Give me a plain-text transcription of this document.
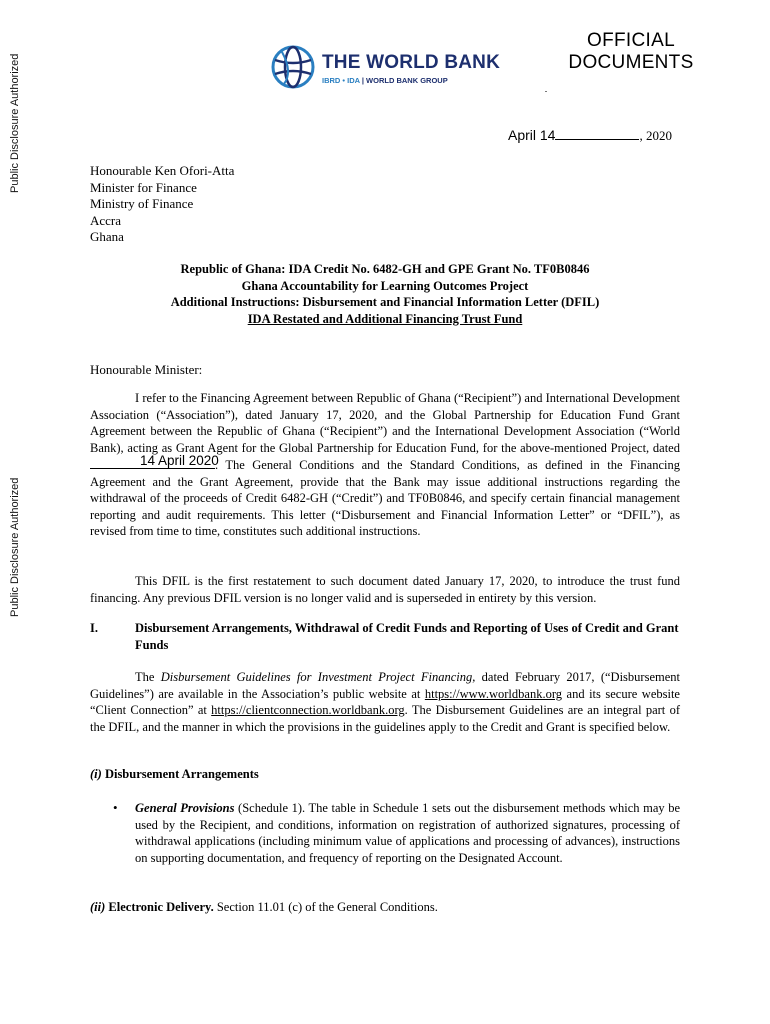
Public Disclosure Authorized
Public Disclosure Authorized
THE WORLD BANK
IBRD • IDA | WORLD BANK GROUP
OFFICIAL
DOCUMENTS
April 14	, 2020
Honourable Ken Ofori-Atta
Minister for Finance
Ministry of Finance
Accra
Ghana
Republic of Ghana: IDA Credit No. 6482-GH and GPE Grant No. TF0B0846
Ghana Accountability for Learning Outcomes Project
Additional Instructions: Disbursement and Financial Information Letter (DFIL)
IDA Restated and Additional Financing Trust Fund
Honourable Minister:
I refer to the Financing Agreement between Republic of Ghana (“Recipient”) and International Development Association (“Association”), dated January 17, 2020, and the Global Partnership for Education Fund Grant Agreement between the Republic of Ghana (“Recipient”) and the International Development Association (“World Bank), acting as Grant Agent for the Global Partnership for Education Fund, for the above-mentioned Project, dated
14 April 2020
. The General Conditions and the Standard Conditions, as defined in the Financing Agreement and the Grant Agreement, provide that the Bank may issue additional instructions regarding the withdrawal of the proceeds of Credit 6482-GH (“Credit”) and TF0B0846, and specify certain financial management reporting and audit requirements. This letter (“Disbursement and Financial Information Letter” or “DFIL”), as revised from time to time, constitutes such additional instructions.
This DFIL is the first restatement to such document dated January 17, 2020, to introduce the trust fund financing. Any previous DFIL version is no longer valid and is superseded in entirety by this version.
I.	Disbursement Arrangements, Withdrawal of Credit Funds and Reporting of Uses of Credit and Grant Funds
The Disbursement Guidelines for Investment Project Financing, dated February 2017, (“Disbursement Guidelines”) are available in the Association’s public website at https://www.worldbank.org and its secure website “Client Connection” at https://clientconnection.worldbank.org. The Disbursement Guidelines are an integral part of the DFIL, and the manner in which the provisions in the guidelines apply to the Credit and Grant is specified below.
(i) Disbursement Arrangements
• General Provisions (Schedule 1). The table in Schedule 1 sets out the disbursement methods which may be used by the Recipient, and conditions, information on registration of authorized signatures, processing of withdrawal applications (including minimum value of applications and processing of advances), instructions on supporting documentation, and frequency of reporting on the Designated Account.
(ii) Electronic Delivery. Section 11.01 (c) of the General Conditions.
